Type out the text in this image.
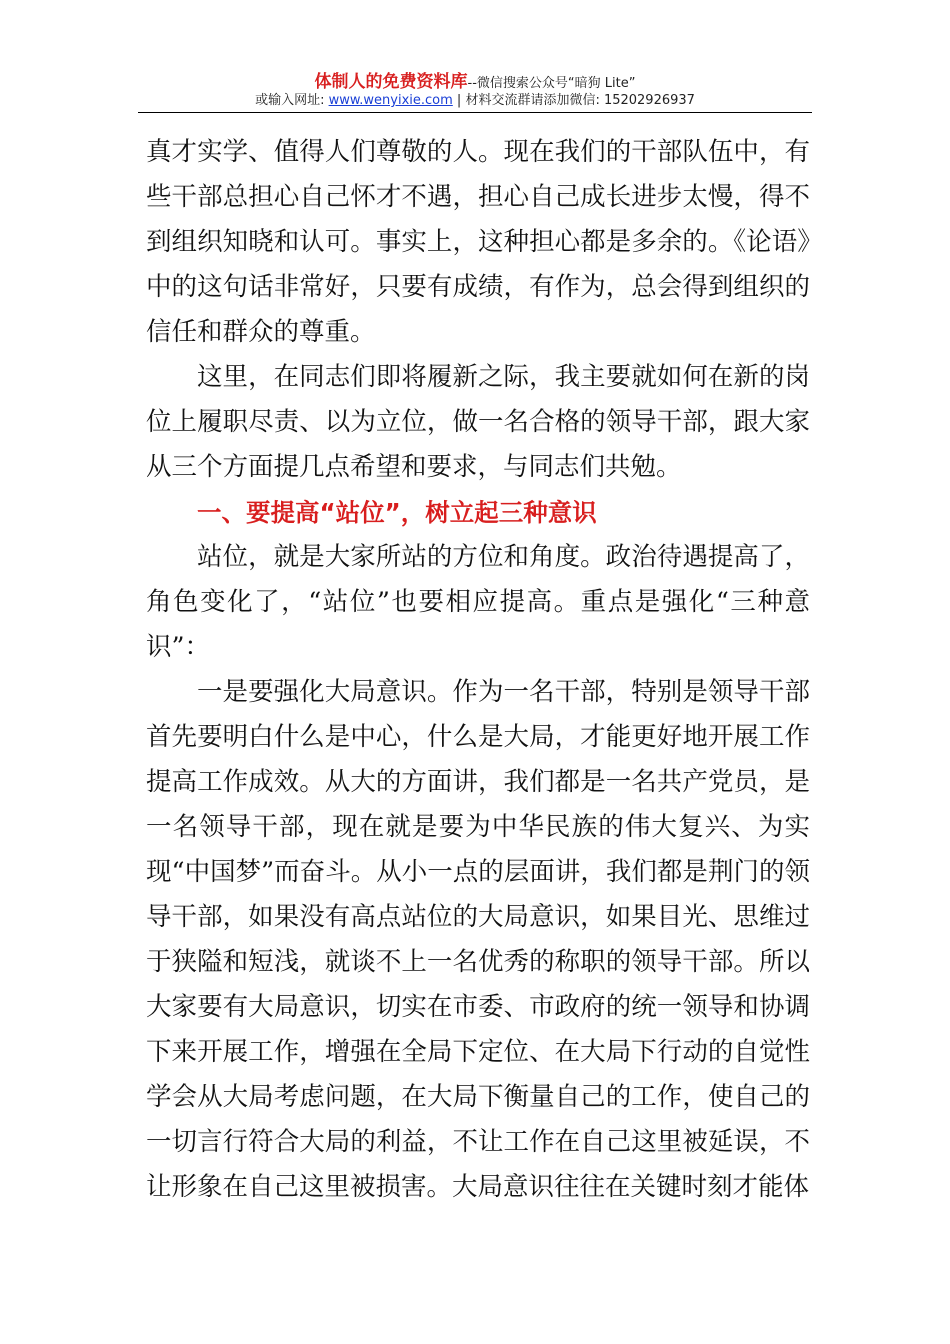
体制人的免费资料库--微信搜索公众号“暗狗 Lite”
或输入网址: www.wenyixie.com | 材料交流群请添加微信: 15202926937

真才实学、值得人们尊敬的人。现在我们的干部队伍中，有些干部总担心自己怀才不遇，担心自己成长进步太慢，得不到组织知晓和认可。事实上，这种担心都是多余的。《论语》中的这句话非常好，只要有成绩，有作为，总会得到组织的信任和群众的尊重。

这里，在同志们即将履新之际，我主要就如何在新的岗位上履职尽责、以为立位，做一名合格的领导干部，跟大家从三个方面提几点希望和要求，与同志们共勉。

一、要提高“站位”，树立起三种意识

站位，就是大家所站的方位和角度。政治待遇提高了，角色变化了，“站位”也要相应提高。重点是强化“三种意识”：

一是要强化大局意识。作为一名干部，特别是领导干部首先要明白什么是中心，什么是大局，才能更好地开展工作提高工作成效。从大的方面讲，我们都是一名共产党员，是一名领导干部，现在就是要为中华民族的伟大复兴、为实现“中国梦”而奋斗。从小一点的层面讲，我们都是荆门的领导干部，如果没有高点站位的大局意识，如果目光、思维过于狭隘和短浅，就谈不上一名优秀的称职的领导干部。所以大家要有大局意识，切实在市委、市政府的统一领导和协调下来开展工作，增强在全局下定位、在大局下行动的自觉性学会从大局考虑问题，在大局下衡量自己的工作，使自己的一切言行符合大局的利益，不让工作在自己这里被延误，不让形象在自己这里被损害。大局意识往往在关键时刻才能体
